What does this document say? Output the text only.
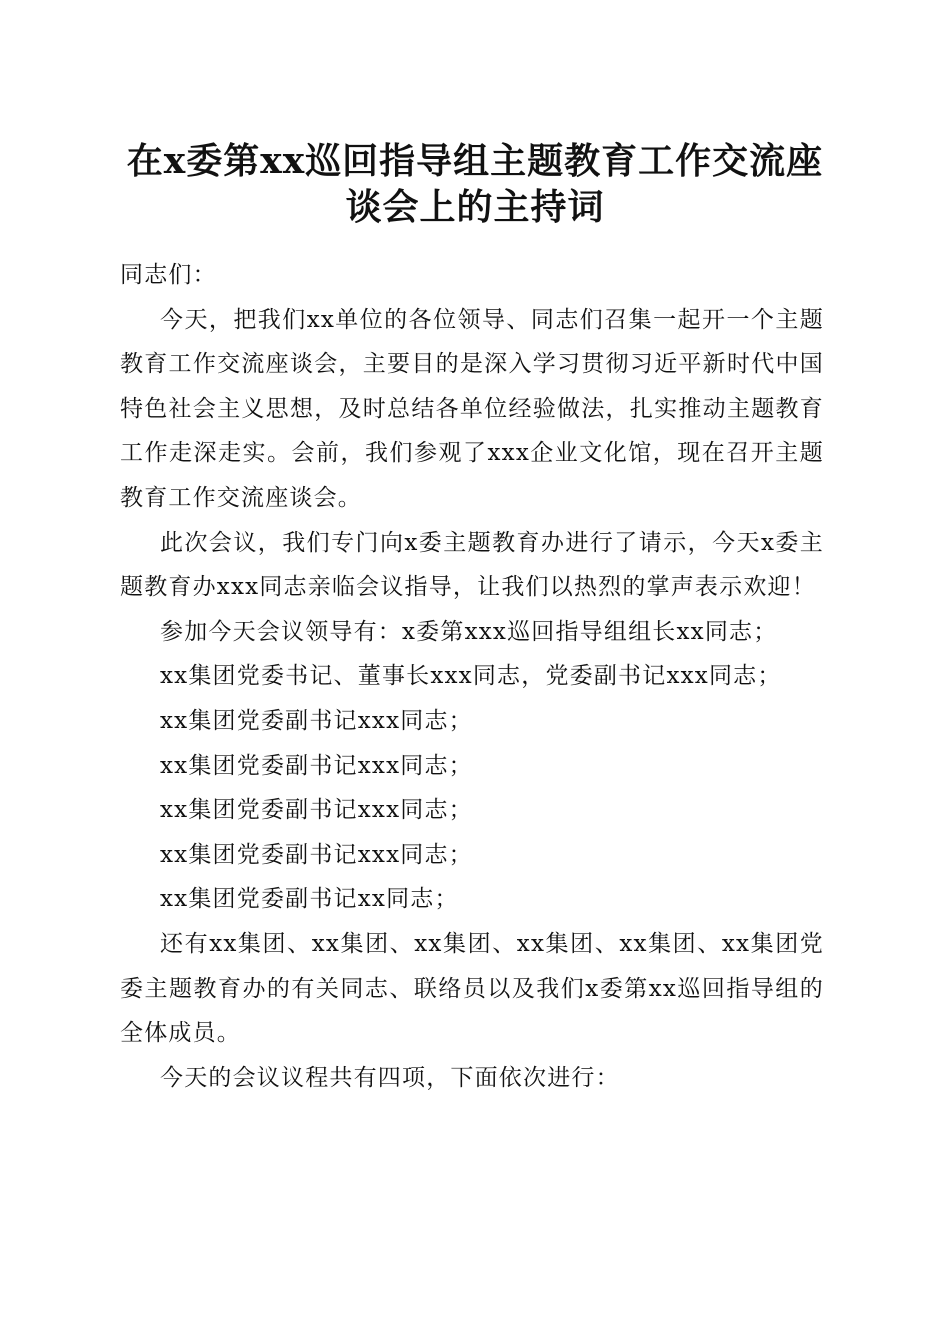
在x委第xx巡回指导组主题教育工作交流座
谈会上的主持词

同志们：

今天，把我们xx单位的各位领导、同志们召集一起开一个主题教育工作交流座谈会，主要目的是深入学习贯彻习近平新时代中国特色社会主义思想，及时总结各单位经验做法，扎实推动主题教育工作走深走实。会前，我们参观了xxx企业文化馆，现在召开主题教育工作交流座谈会。

此次会议，我们专门向x委主题教育办进行了请示，今天x委主题教育办xxx同志亲临会议指导，让我们以热烈的掌声表示欢迎！

参加今天会议领导有：x委第xxx巡回指导组组长xx同志；

xx集团党委书记、董事长xxx同志，党委副书记xxx同志；

xx集团党委副书记xxx同志；

xx集团党委副书记xxx同志；

xx集团党委副书记xxx同志；

xx集团党委副书记xxx同志；

xx集团党委副书记xx同志；

还有xx集团、xx集团、xx集团、xx集团、xx集团、xx集团党委主题教育办的有关同志、联络员以及我们x委第xx巡回指导组的全体成员。

今天的会议议程共有四项，下面依次进行：
